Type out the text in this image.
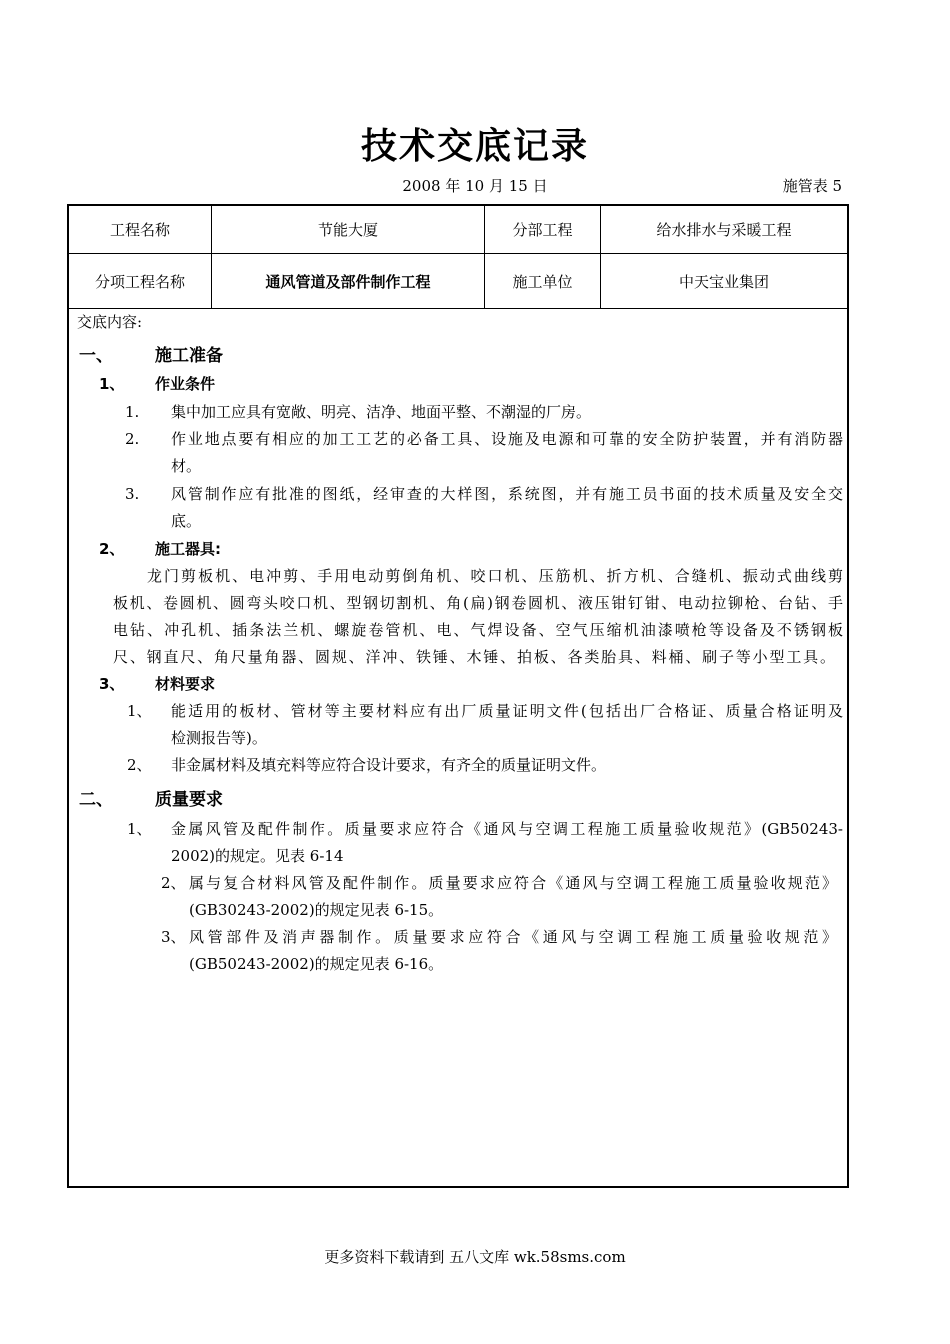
技术交底记录
2008 年 10 月 15 日	施管表 5
工程名称	节能大厦	分部工程	给水排水与采暖工程
分项工程名称	通风管道及部件制作工程	施工单位	中天宝业集团
交底内容:
一、 施工准备
1、 作业条件
1. 集中加工应具有宽敞、明亮、洁净、地面平整、不潮湿的厂房。
2. 作业地点要有相应的加工工艺的必备工具、设施及电源和可靠的安全防护装置，并有消防器
材。
3. 风管制作应有批准的图纸，经审查的大样图，系统图，并有施工员书面的技术质量及安全交
底。
2、 施工器具:
龙门剪板机、电冲剪、手用电动剪倒角机、咬口机、压筋机、折方机、合缝机、振动式曲线剪
板机、卷圆机、圆弯头咬口机、型钢切割机、角(扁)钢卷圆机、液压钳钉钳、电动拉铆枪、台钻、手
电钻、冲孔机、插条法兰机、螺旋卷管机、电、气焊设备、空气压缩机油漆喷枪等设备及不锈钢板
尺、钢直尺、角尺量角器、圆规、洋冲、铁锤、木锤、拍板、各类胎具、料桶、刷子等小型工具。
3、 材料要求
1、 能适用的板材、管材等主要材料应有出厂质量证明文件(包括出厂合格证、质量合格证明及
检测报告等)。
2、 非金属材料及填充料等应符合设计要求，有齐全的质量证明文件。
二、 质量要求
1、 金属风管及配件制作。质量要求应符合《通风与空调工程施工质量验收规范》(GB50243-
2002)的规定。见表 6-14
2、 属与复合材料风管及配件制作。质量要求应符合《通风与空调工程施工质量验收规范》
(GB30243-2002)的规定见表 6-15。
3、 风管部件及消声器制作。质量要求应符合《通风与空调工程施工质量验收规范》
(GB50243-2002)的规定见表 6-16。
更多资料下载请到 五八文库 wk.58sms.com
